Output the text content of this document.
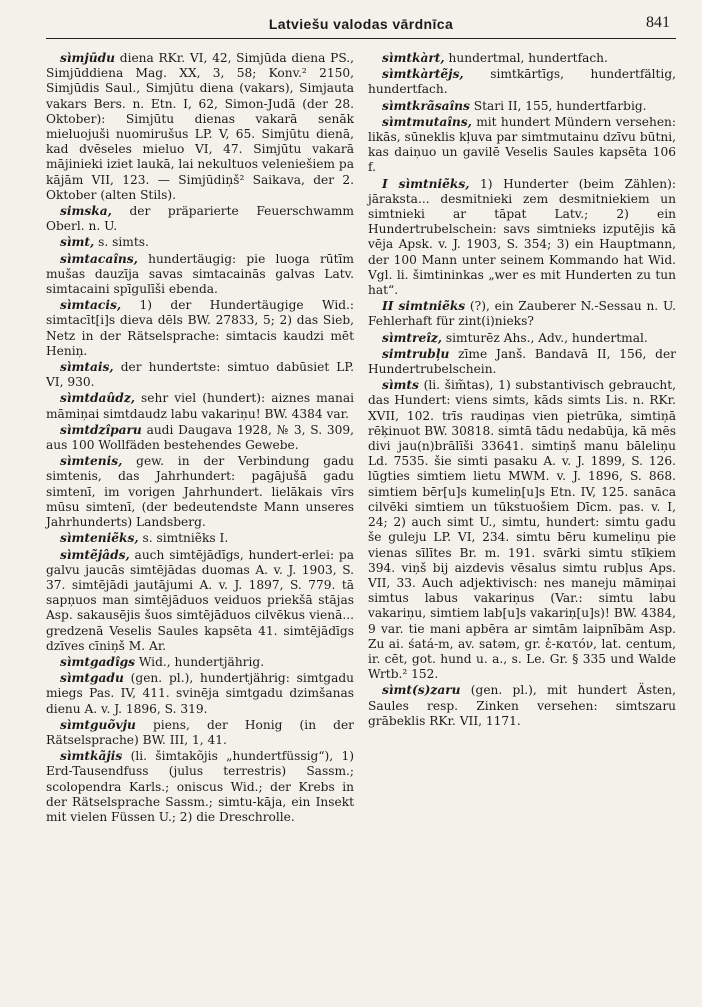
Latviešu valodas vārdnīca	841

sìmjūdu diena RKr. VI, 42, Simjūda diena PS., Simjūddiena Mag. XX, 3, 58; Konv.² 2150, Simjūdis Saul., Simjūtu diena (vakars), Simjauta vakars Bers. n. Etn. I, 62, Simon-Judā (der 28. Oktober): Simjūtu dienas vakarā senāk mieluojuši nuomirušus LP. V, 65. Simjūtu dienā, kad dvēseles mieluo VI, 47. Simjūtu vakarā mājinieki iziet laukā, lai nekultuos veleniešiem pa kājām VII, 123. — Simjūdiņš² Saikava, der 2. Oktober (alten Stils).

simska, der präparierte Feuerschwamm Oberl. n. U.

sìmt, s. simts.

sìmtacaîns, hundertäugig: pie luoga rūtīm mušas dauzīja savas simtacainās galvas Latv. simtacaini spīgulīši ebenda.

sìmtacis, 1) der Hundertäugige Wid.: simtacīt[i]s dieva dēls BW. 27833, 5; 2) das Sieb, Netz in der Rätselsprache: simtacis kaudzi mēt Heniņ.

sìmtais, der hundertste: simtuo dabūsiet LP. VI, 930.

sìmtdaûdz, sehr viel (hundert): aiznes manai māmiņai simtdaudz labu vakariņu! BW. 4384 var.

sìmtdzîparu audi Daugava 1928, № 3, S. 309, aus 100 Wollfäden bestehendes Gewebe.

sìmtenis, gew. in der Verbindung gadu simtenis, das Jahrhundert: pagājušā gadu simtenī, im vorigen Jahrhundert. lielākais vīrs mūsu simtenī, (der bedeutendste Mann unseres Jahrhunderts) Landsberg.

sìmteniẽks, s. simtniẽks I.

sìmtẽjâds, auch simtējādīgs, hundert-erlei: pa galvu jaucās simtējādas duomas A. v. J. 1903, S. 37. simtējādi jautājumi A. v. J. 1897, S. 779. tā sapņuos man simtējāduos veiduos priekšā stājas Asp. sakausējis šuos simtējāduos cilvēkus vienā... gredzenā Veselis Saules kapsēta 41. simtējādīgs dzīves cīniņš M. Ar.

sìmtgadîgs Wid., hundertjährig.

sìmtgadu (gen. pl.), hundertjährig: simtgadu miegs Pas. IV, 411. svinēja simtgadu dzimšanas dienu A. v. J. 1896, S. 319.

sìmtguõvju piens, der Honig (in der Rätselsprache) BW. III, 1, 41.

sìmtkãjis (li. šimtakõjis „hundertfüssig“), 1) Erd-Tausendfuss (julus terrestris) Sassm.; scolopendra Karls.; oniscus Wid.; der Krebs in der Rätselsprache Sassm.; simtu-kāja, ein Insekt mit vielen Füssen U.; 2) die Dreschrolle.

sìmtkàrt, hundertmal, hundertfach.

sìmtkàrtẽjs, simtkārtīgs, hundertfältig, hundertfach.

sìmtkrãsaîns Stari II, 155, hundertfarbig.

sìmtmutaîns, mit hundert Mündern versehen: likās, sūneklis kļuva par simtmutainu dzīvu būtni, kas daiņuo un gavilē Veselis Saules kapsēta 106 f.

I sìmtniẽks, 1) Hunderter (beim Zählen): jāraksta... desmitnieki zem desmitniekiem un simtnieki ar tāpat Latv.; 2) ein Hundertrubelschein: savs simtnieks izputējis kā vēja Apsk. v. J. 1903, S. 354; 3) ein Hauptmann, der 100 Mann unter seinem Kommando hat Wid. Vgl. li. šimtininkas „wer es mit Hunderten zu tun hat“.

II simtniẽks (?), ein Zauberer N.-Sessau n. U. Fehlerhaft für zint(i)nieks?

sìmtreîz, simturēz Ahs., Adv., hundertmal.

simtrubļu zīme Janš. Bandavā II, 156, der Hundertrubelschein.

sìmts (li. šim̃tas), 1) substantivisch gebraucht, das Hundert: viens simts, kāds simts Lis. n. RKr. XVII, 102. trīs raudiņas vien pietrūka, simtiņā rēķinuot BW. 30818. simtā tādu nedabūja, kā mēs divi jau(n)brālīši 33641. simtiņš manu bāleliņu Ld. 7535. šie simti pasaku A. v. J. 1899, S. 126. lūgties simtiem lietu MWM. v. J. 1896, S. 868. simtiem bēr[u]s kumeliņ[u]s Etn. IV, 125. sanāca cilvēki simtiem un tūkstuošiem Dīcm. pas. v. I, 24; 2) auch simt U., simtu, hundert: simtu gadu še guleju LP. VI, 234. simtu bēru kumeliņu pie vienas sīlītes Br. m. 191. svārki simtu stīķiem 394. viņš bij aizdevis vēsalus simtu rubļus Aps. VII, 33. Auch adjektivisch: nes maneju māmiņai simtus labus vakariņus (Var.: simtu labu vakariņu, simtiem lab[u]s vakariņ[u]s)! BW. 4384, 9 var. tie mani apbēra ar simtām laipnībām Asp. Zu ai. śatá-m, av. satəm, gr. ἑ-κατόν, lat. centum, ir. cēt, got. hund u. a., s. Le. Gr. § 335 und Walde Wrtb.² 152.

sìmt(s)zaru (gen. pl.), mit hundert Ästen, Saules resp. Zinken versehen: simtszaru grābeklis RKr. VII, 1171.
